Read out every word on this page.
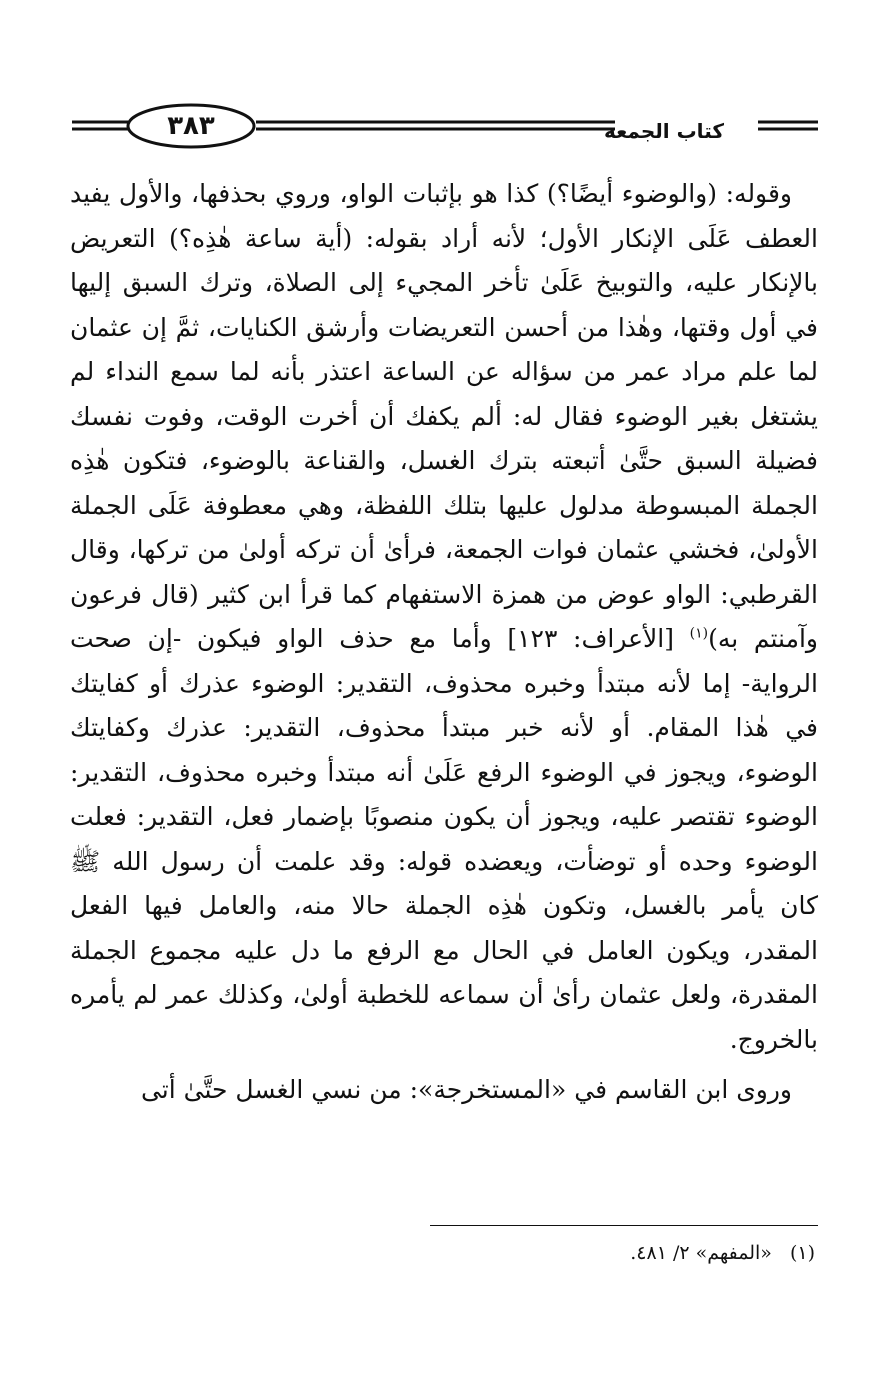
٣٨٣	كتاب الجمعة

وقوله: (والوضوء أيضًا؟) كذا هو بإثبات الواو، وروي بحذفها، والأول يفيد العطف عَلَى الإنكار الأول؛ لأنه أراد بقوله: (أية ساعة هٰذِه؟) التعريض بالإنكار عليه، والتوبيخ عَلَىٰ تأخر المجيء إلى الصلاة، وترك السبق إليها في أول وقتها، وهٰذا من أحسن التعريضات وأرشق الكنايات، ثمَّ إن عثمان لما علم مراد عمر من سؤاله عن الساعة اعتذر بأنه لما سمع النداء لم يشتغل بغير الوضوء فقال له: ألم يكفك أن أخرت الوقت، وفوت نفسك فضيلة السبق حتَّىٰ أتبعته بترك الغسل، والقناعة بالوضوء، فتكون هٰذِه الجملة المبسوطة مدلول عليها بتلك اللفظة، وهي معطوفة عَلَى الجملة الأولىٰ، فخشي عثمان فوات الجمعة، فرأىٰ أن تركه أولىٰ من تركها، وقال القرطبي: الواو عوض من همزة الاستفهام كما قرأ ابن كثير (قال فرعون وآمنتم به)$^{(١)}$ [الأعراف: ١٢٣] وأما مع حذف الواو فيكون -إن صحت الرواية- إما لأنه مبتدأ وخبره محذوف، التقدير: الوضوء عذرك أو كفايتك في هٰذا المقام. أو لأنه خبر مبتدأ محذوف، التقدير: عذرك وكفايتك الوضوء، ويجوز في الوضوء الرفع عَلَىٰ أنه مبتدأ وخبره محذوف، التقدير: الوضوء تقتصر عليه، ويجوز أن يكون منصوبًا بإضمار فعل، التقدير: فعلت الوضوء وحده أو توضأت، ويعضده قوله: وقد علمت أن رسول الله ﷺ كان يأمر بالغسل، وتكون هٰذِه الجملة حالا منه، والعامل فيها الفعل المقدر، ويكون العامل في الحال مع الرفع ما دل عليه مجموع الجملة المقدرة، ولعل عثمان رأىٰ أن سماعه للخطبة أولىٰ، وكذلك عمر لم يأمره بالخروج.

وروى ابن القاسم في «المستخرجة»: من نسي الغسل حتَّىٰ أتى

(١)«المفهم» ٢/ ٤٨١.
